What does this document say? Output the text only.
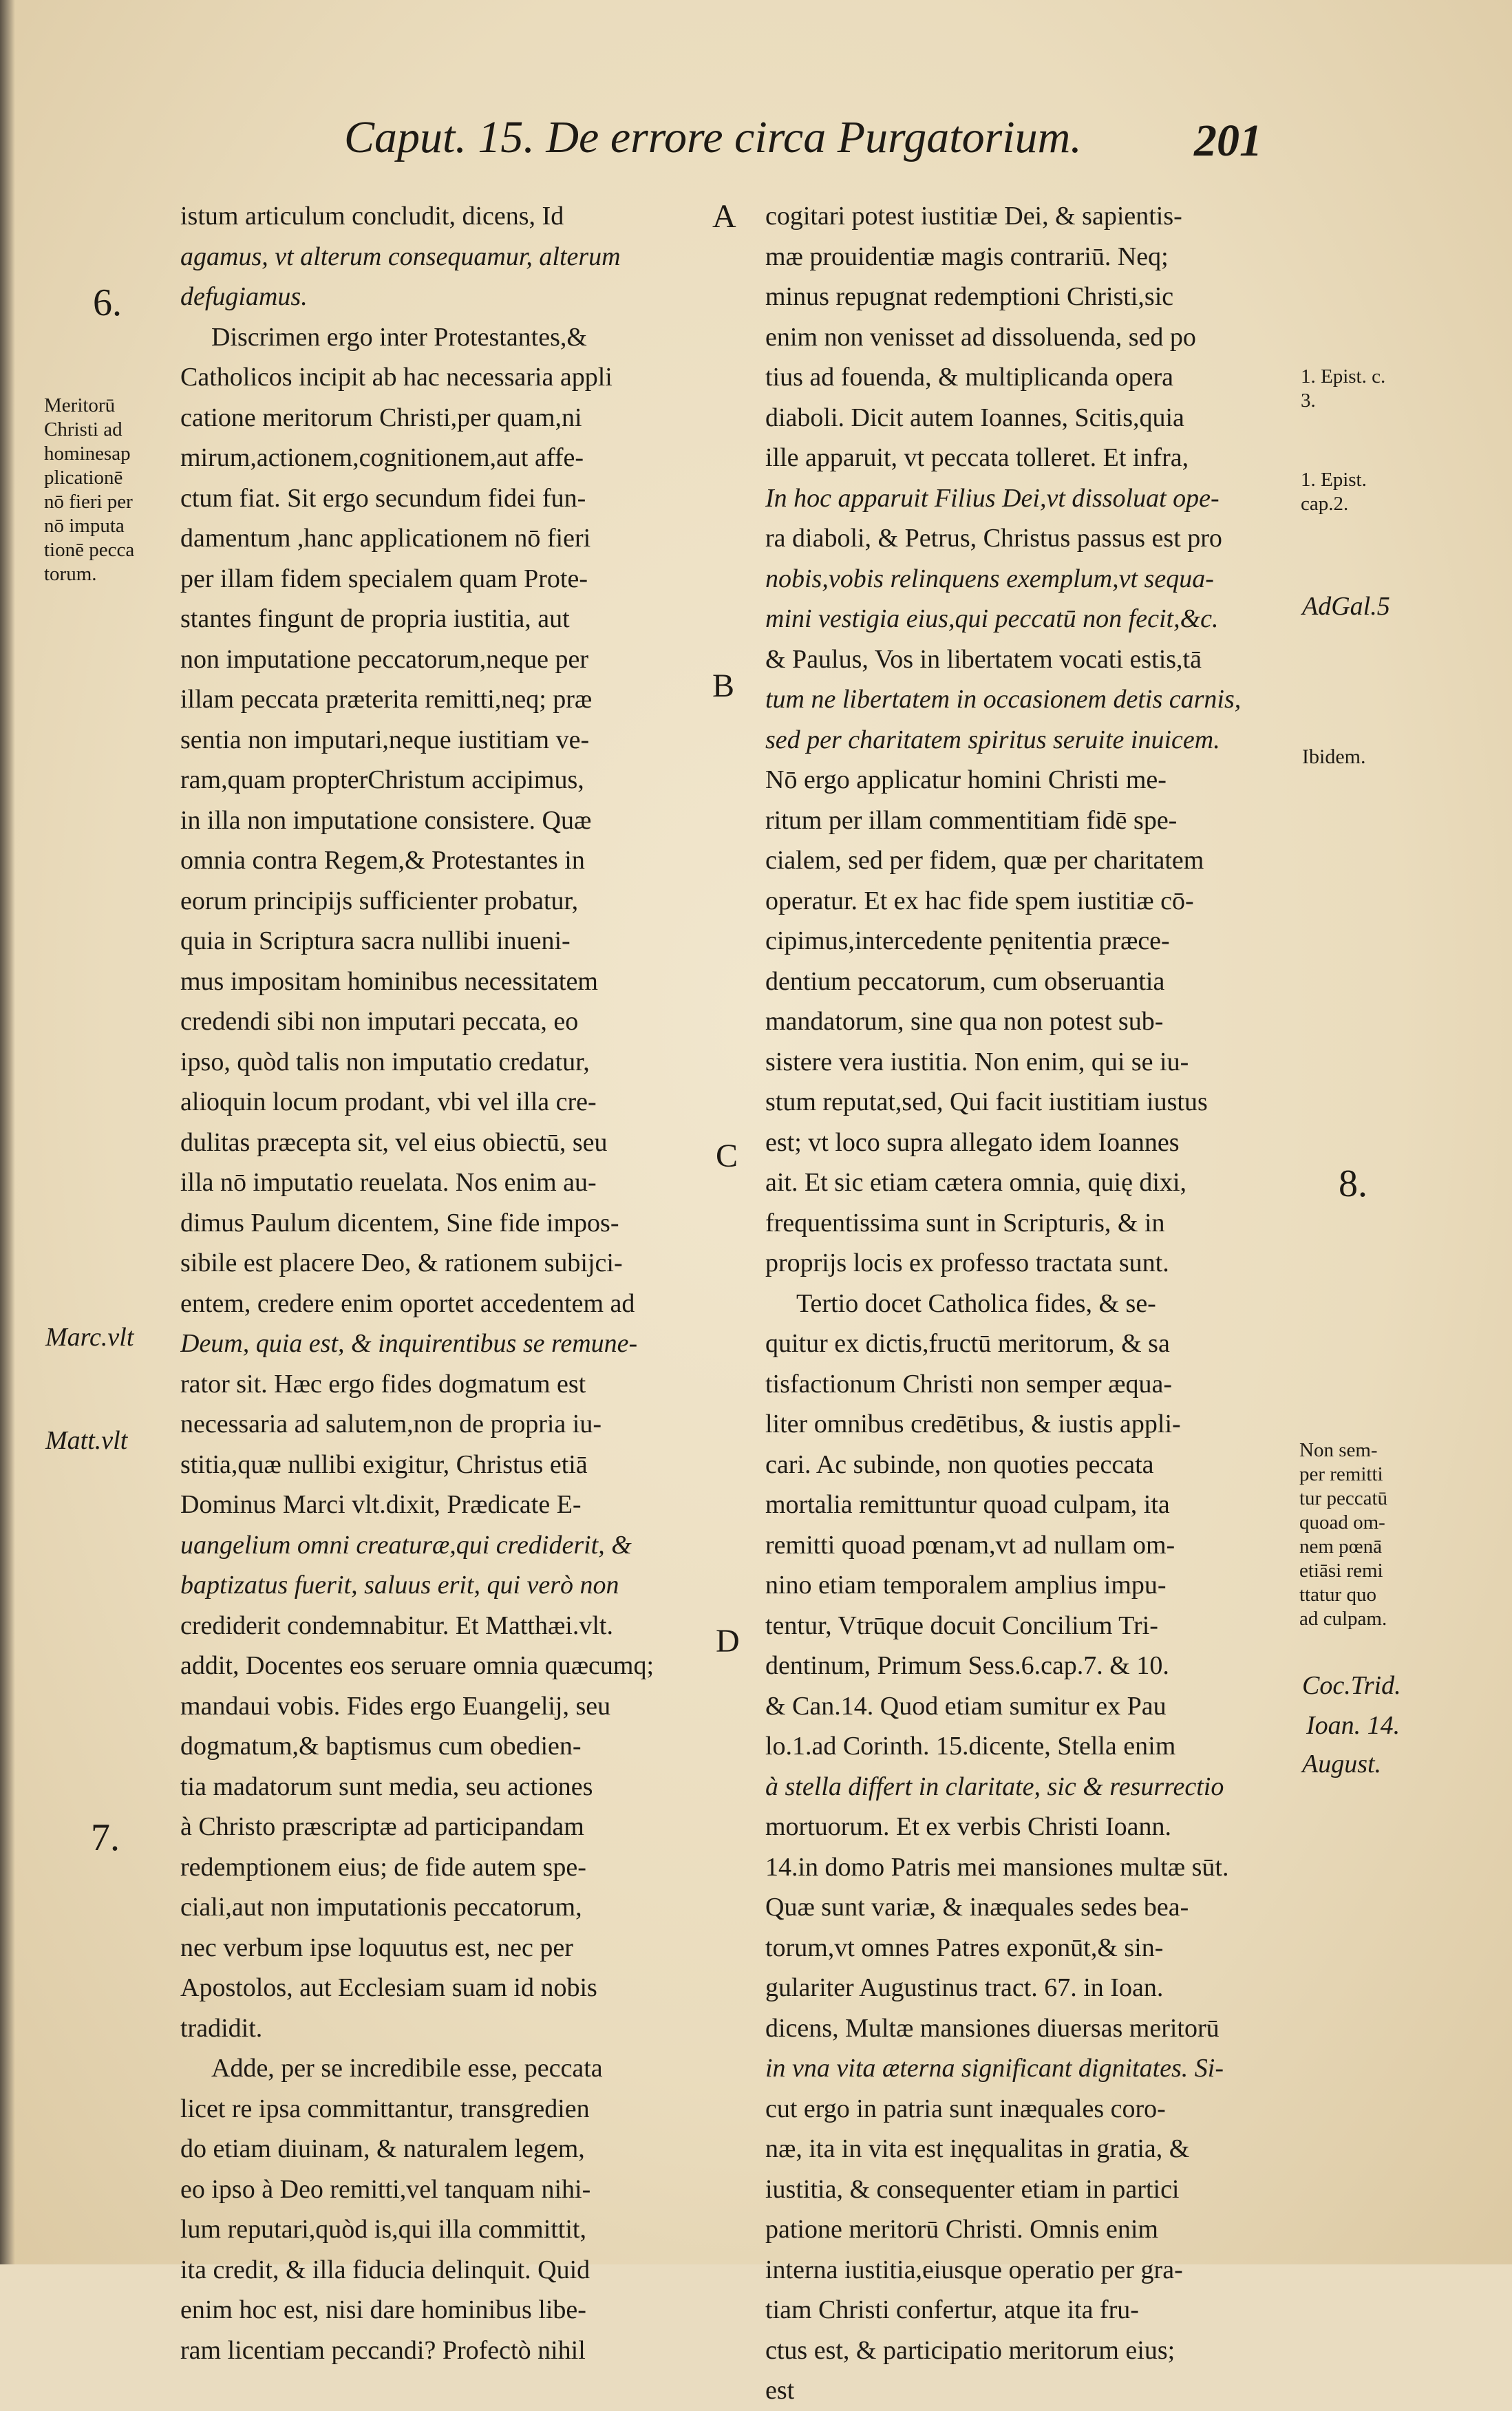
Caput. 15. De errore circa Purgatorium.	201
6.
Meritorū
Christi ad
hominesap
plicationē
nō fieri per
nō imputa
tionē pecca
torum.
Marc.vlt
Matt.vlt
7.
A
B
C
D
1. Epist. c.
3.
1. Epist.
cap.2.
AdGal.5
Ibidem.
8.
Non sem-
per remitti
tur peccatū
quoad om-
nem pœnā
etiāsi remi
ttatur quo
ad culpam.
Coc.Trid.
Ioan. 14.
August.
istum articulum concludit, dicens, Id
agamus, vt alterum consequamur, alterum
defugiamus.
Discrimen ergo inter Protestantes,&
Catholicos incipit ab hac necessaria appli
catione meritorum Christi,per quam,ni
mirum,actionem,cognitionem,aut affe-
ctum fiat. Sit ergo secundum fidei fun-
damentum ,hanc applicationem nō fieri
per illam fidem specialem quam Prote-
stantes fingunt de propria iustitia, aut
non imputatione peccatorum,neque per
illam peccata præterita remitti,neq; præ
sentia non imputari,neque iustitiam ve-
ram,quam propterChristum accipimus,
in illa non imputatione consistere. Quæ
omnia contra Regem,& Protestantes in
eorum principijs sufficienter probatur,
quia in Scriptura sacra nullibi inueni-
mus impositam hominibus necessitatem
credendi sibi non imputari peccata, eo
ipso, quòd talis non imputatio credatur,
alioquin locum prodant, vbi vel illa cre-
dulitas præcepta sit, vel eius obiectū, seu
illa nō imputatio reuelata. Nos enim au-
dimus Paulum dicentem, Sine fide impos-
sibile est placere Deo, & rationem subijci-
entem, credere enim oportet accedentem ad
Deum, quia est, & inquirentibus se remune-
rator sit. Hæc ergo fides dogmatum est
necessaria ad salutem,non de propria iu-
stitia,quæ nullibi exigitur, Christus etiā
Dominus Marci vlt.dixit, Prædicate E-
uangelium omni creaturæ,qui crediderit, &
baptizatus fuerit, saluus erit, qui verò non
crediderit condemnabitur. Et Matthæi.vlt.
addit, Docentes eos seruare omnia quæcumq;
mandaui vobis. Fides ergo Euangelij, seu
dogmatum,& baptismus cum obedien-
tia madatorum sunt media, seu actiones
à Christo præscriptæ ad participandam
redemptionem eius; de fide autem spe-
ciali,aut non imputationis peccatorum,
nec verbum ipse loquutus est, nec per
Apostolos, aut Ecclesiam suam id nobis
tradidit.
Adde, per se incredibile esse, peccata
licet re ipsa committantur, transgredien
do etiam diuinam, & naturalem legem,
eo ipso à Deo remitti,vel tanquam nihi-
lum reputari,quòd is,qui illa committit,
ita credit, & illa fiducia delinquit. Quid
enim hoc est, nisi dare hominibus libe-
ram licentiam peccandi? Profectò nihil
cogitari potest iustitiæ Dei, & sapientis-
mæ prouidentiæ magis contrariū. Neq;
minus repugnat redemptioni Christi,sic
enim non venisset ad dissoluenda, sed po
tius ad fouenda, & multiplicanda opera
diaboli. Dicit autem Ioannes, Scitis,quia
ille apparuit, vt peccata tolleret. Et infra,
In hoc apparuit Filius Dei,vt dissoluat ope-
ra diaboli, & Petrus, Christus passus est pro
nobis,vobis relinquens exemplum,vt sequa-
mini vestigia eius,qui peccatū non fecit,&c.
& Paulus, Vos in libertatem vocati estis,tā
tum ne libertatem in occasionem detis carnis,
sed per charitatem spiritus seruite inuicem.
Nō ergo applicatur homini Christi me-
ritum per illam commentitiam fidē spe-
cialem, sed per fidem, quæ per charitatem
operatur. Et ex hac fide spem iustitiæ cō-
cipimus,intercedente pęnitentia præce-
dentium peccatorum, cum obseruantia
mandatorum, sine qua non potest sub-
sistere vera iustitia. Non enim, qui se iu-
stum reputat,sed, Qui facit iustitiam iustus
est; vt loco supra allegato idem Ioannes
ait. Et sic etiam cætera omnia, quię dixi,
frequentissima sunt in Scripturis, & in
proprijs locis ex professo tractata sunt.
Tertio docet Catholica fides, & se-
quitur ex dictis,fructū meritorum, & sa
tisfactionum Christi non semper æqua-
liter omnibus credētibus, & iustis appli-
cari. Ac subinde, non quoties peccata
mortalia remittuntur quoad culpam, ita
remitti quoad pœnam,vt ad nullam om-
nino etiam temporalem amplius impu-
tentur, Vtrūque docuit Concilium Tri-
dentinum, Primum Sess.6.cap.7. & 10.
& Can.14. Quod etiam sumitur ex Pau
lo.1.ad Corinth. 15.dicente, Stella enim
à stella differt in claritate, sic & resurrectio
mortuorum. Et ex verbis Christi Ioann.
14.in domo Patris mei mansiones multæ sūt.
Quæ sunt variæ, & inæquales sedes bea-
torum,vt omnes Patres exponūt,& sin-
gulariter Augustinus tract. 67. in Ioan.
dicens, Multæ mansiones diuersas meritorū
in vna vita æterna significant dignitates. Si-
cut ergo in patria sunt inæquales coro-
næ, ita in vita est inęqualitas in gratia, &
iustitia, & consequenter etiam in partici
patione meritorū Christi. Omnis enim
interna iustitia,eiusque operatio per gra-
tiam Christi confertur, atque ita fru-
ctus est, & participatio meritorum eius;
est
